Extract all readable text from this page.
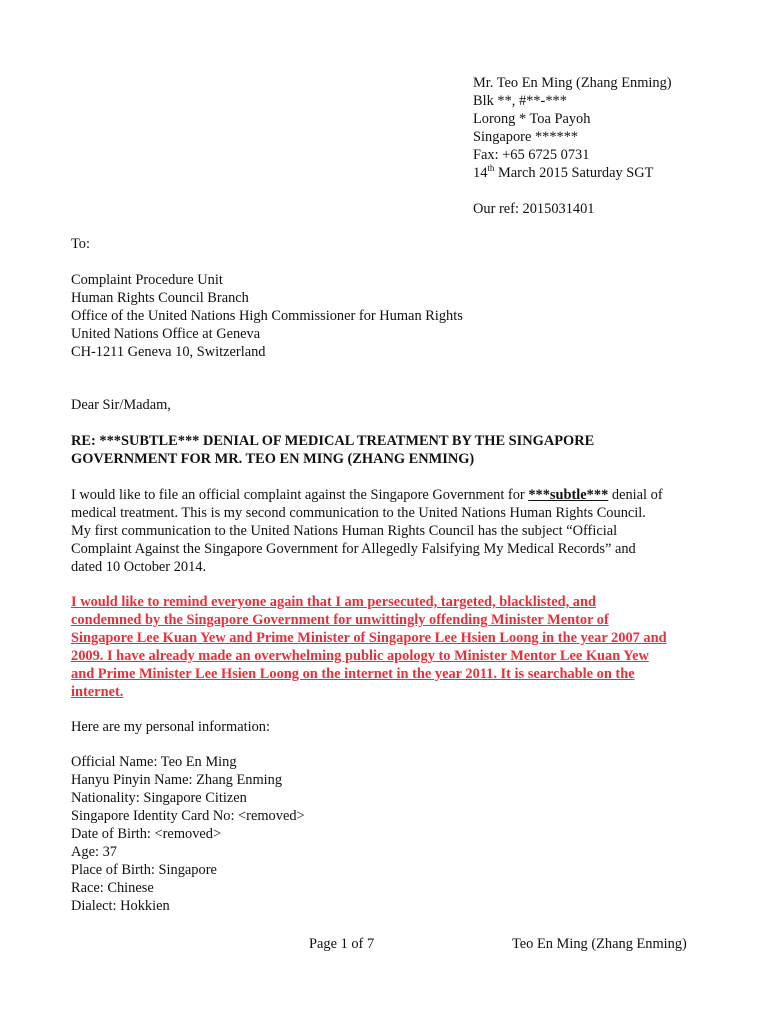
Mr. Teo En Ming (Zhang Enming)
Blk **, #**-***
Lorong * Toa Payoh
Singapore ******
Fax: +65 6725 0731
14th March 2015 Saturday SGT
Our ref: 2015031401
To:
Complaint Procedure Unit
Human Rights Council Branch
Office of the United Nations High Commissioner for Human Rights
United Nations Office at Geneva
CH-1211 Geneva 10, Switzerland
Dear Sir/Madam,
RE: ***SUBTLE*** DENIAL OF MEDICAL TREATMENT BY THE SINGAPORE
GOVERNMENT FOR MR. TEO EN MING (ZHANG ENMING)
I would like to file an official complaint against the Singapore Government for ***subtle*** denial of
medical treatment. This is my second communication to the United Nations Human Rights Council.
My first communication to the United Nations Human Rights Council has the subject “Official
Complaint Against the Singapore Government for Allegedly Falsifying My Medical Records” and
dated 10 October 2014.
I would like to remind everyone again that I am persecuted, targeted, blacklisted, and
condemned by the Singapore Government for unwittingly offending Minister Mentor of
Singapore Lee Kuan Yew and Prime Minister of Singapore Lee Hsien Loong in the year 2007 and
2009. I have already made an overwhelming public apology to Minister Mentor Lee Kuan Yew
and Prime Minister Lee Hsien Loong on the internet in the year 2011. It is searchable on the
internet.
Here are my personal information:
Official Name: Teo En Ming
Hanyu Pinyin Name: Zhang Enming
Nationality: Singapore Citizen
Singapore Identity Card No: <removed>
Date of Birth: <removed>
Age: 37
Place of Birth: Singapore
Race: Chinese
Dialect: Hokkien
Page 1 of 7	Teo En Ming (Zhang Enming)
